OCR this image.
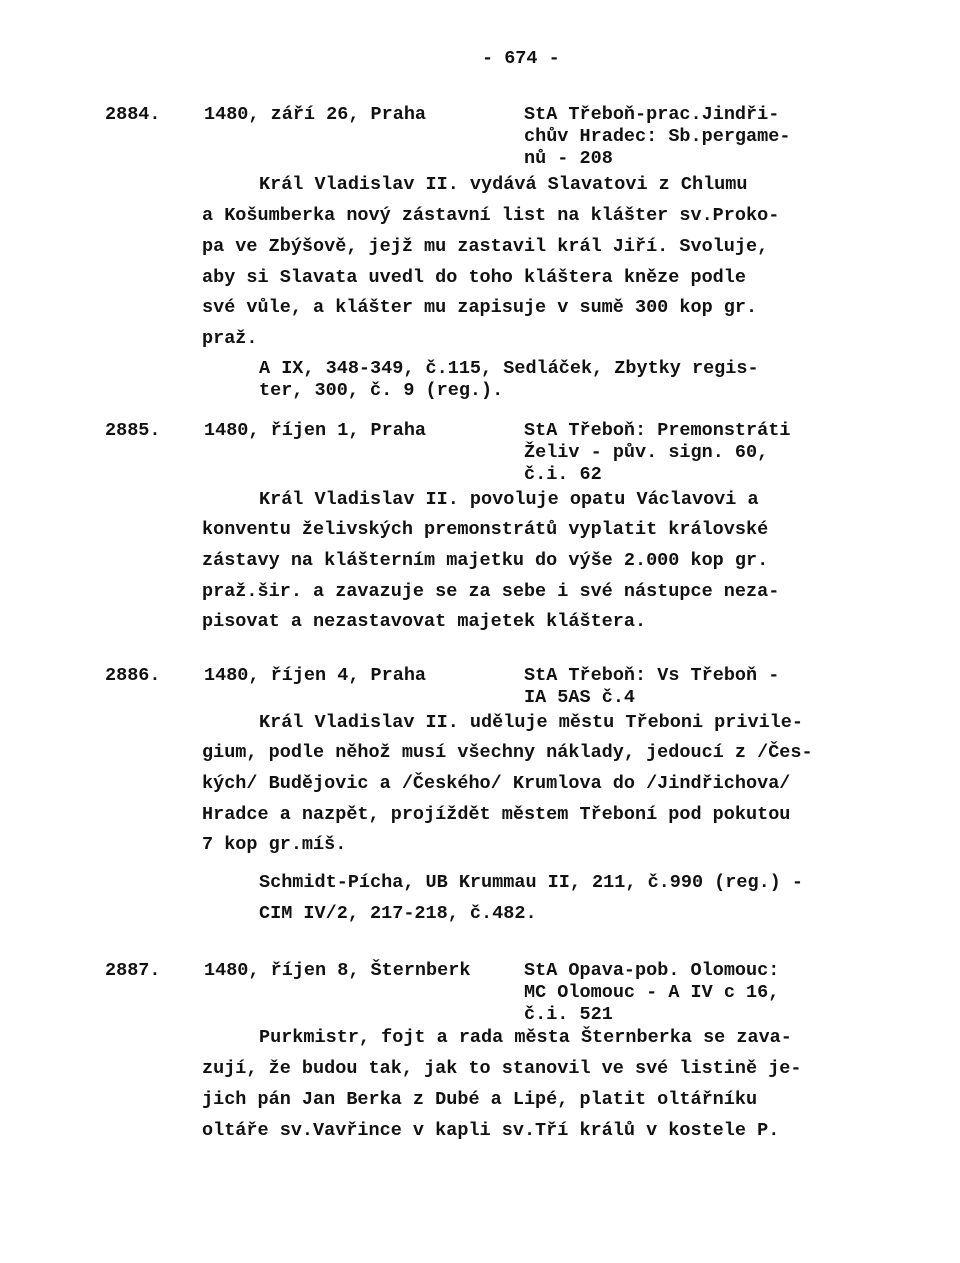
- 674 -
2884. 1480, září 26, Praha	StA Třeboň-prac.Jindři-
chův Hradec: Sb.pergame-
nů - 208
Král Vladislav II. vydává Slavatovi z Chlumu
a Košumberka nový zástavní list na klášter sv.Proko-
pa ve Zbýšově, jejž mu zastavil král Jiří. Svoluje,
aby si Slavata uvedl do toho kláštera kněze podle
své vůle, a klášter mu zapisuje v sumě 300 kop gr.
praž.
A IX, 348-349, č.115, Sedláček, Zbytky regis-
ter, 300, č. 9 (reg.).
2885. 1480, říjen 1, Praha	StA Třeboň: Premonstráti
Želiv - pův. sign. 60,
č.i. 62
Král Vladislav II. povoluje opatu Václavovi a
konventu želivských premonstrátů vyplatit královské
zástavy na klášterním majetku do výše 2.000 kop gr.
praž.šir. a zavazuje se za sebe i své nástupce neza-
pisovat a nezastavovat majetek kláštera.
2886. 1480, říjen 4, Praha	StA Třeboň: Vs Třeboň -
IA 5AS č.4
Král Vladislav II. uděluje městu Třeboni privile-
gium, podle něhož musí všechny náklady, jedoucí z /Čes-
kých/ Budějovic a /Českého/ Krumlova do /Jindřichova/
Hradce a nazpět, projíždět městem Třeboní pod pokutou
7 kop gr.míš.
Schmidt-Pícha, UB Krummau II, 211, č.990 (reg.) -
CIM IV/2, 217-218, č.482.
2887. 1480, říjen 8, Šternberk	StA Opava-pob. Olomouc:
MC Olomouc - A IV c 16,
č.i. 521
Purkmistr, fojt a rada města Šternberka se zava-
zují, že budou tak, jak to stanovil ve své listině je-
jich pán Jan Berka z Dubé a Lipé, platit oltářníku
oltáře sv.Vavřince v kapli sv.Tří králů v kostele P.
